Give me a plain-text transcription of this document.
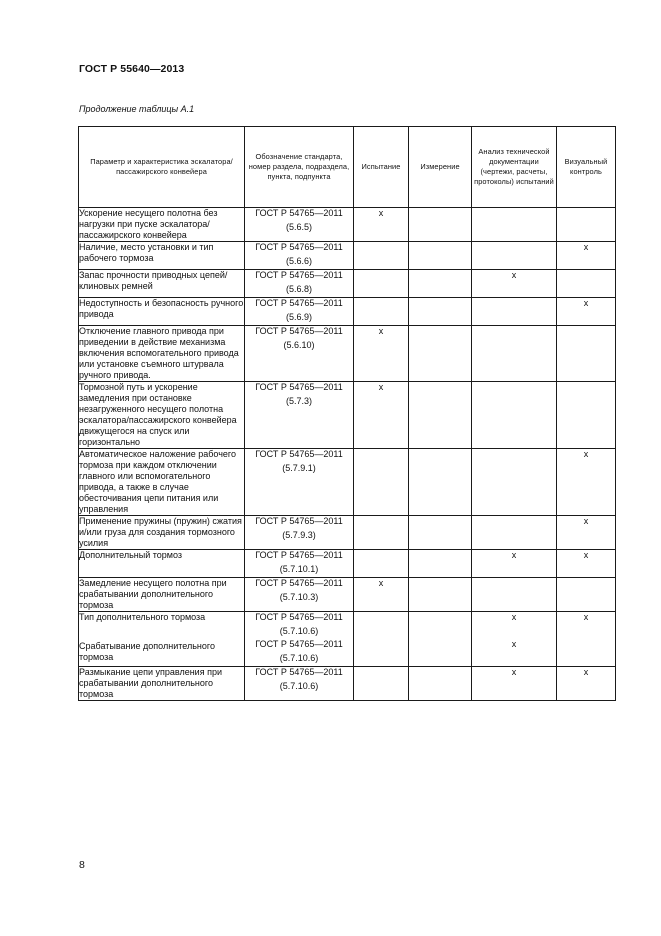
ГОСТ Р 55640—2013
Продолжение таблицы А.1
Параметр и характеристика эскалатора/пассажирского конвейера	Обозначение стандарта, номер раздела, подраздела, пункта, подпункта	Испытание	Измерение	Анализ технической документации (чертежи, расчеты, протоколы) испытаний	Визуальный контроль
Ускорение несущего полотна без нагрузки при пуске эскалатора/пассажирского конвейера	ГОСТ Р 54765—2011
(5.6.5)	x			
Наличие, место установки и тип рабочего тормоза	ГОСТ Р 54765—2011
(5.6.6)				x
Запас прочности приводных цепей/клиновых ремней	ГОСТ Р 54765—2011
(5.6.8)			x	
Недоступность и безопасность ручного привода	ГОСТ Р 54765—2011
(5.6.9)				x
Отключение главного привода при приведении в действие механизма включения вспомогательного привода или установке съемного штурвала ручного привода.	ГОСТ Р 54765—2011
(5.6.10)	x			
Тормозной путь и ускорение замедления при остановке незагруженного несущего полотна эскалатора/пассажирского конвейера движущегося на спуск или горизонтально	ГОСТ Р 54765—2011
(5.7.3)	x			
Автоматическое наложение рабочего тормоза при каждом отключении главного или вспомогательного привода, а также в случае обесточивания цепи питания или управления	ГОСТ Р 54765—2011
(5.7.9.1)				x
Применение пружины (пружин) сжатия и/или груза для создания тормозного усилия	ГОСТ Р 54765—2011
(5.7.9.3)				x
Дополнительный тормоз	ГОСТ Р 54765—2011
(5.7.10.1)			x	x
Замедление несущего полотна при срабатывании дополнительного тормоза	ГОСТ Р 54765—2011
(5.7.10.3)	x			
Тип дополнительного тормоза	ГОСТ Р 54765—2011
(5.7.10.6)			x	x
Срабатывание дополнительного тормоза	ГОСТ Р 54765—2011
(5.7.10.6)			x	
Размыкание цепи управления при срабатывании дополнительного тормоза	ГОСТ Р 54765—2011
(5.7.10.6)			x	x
8
